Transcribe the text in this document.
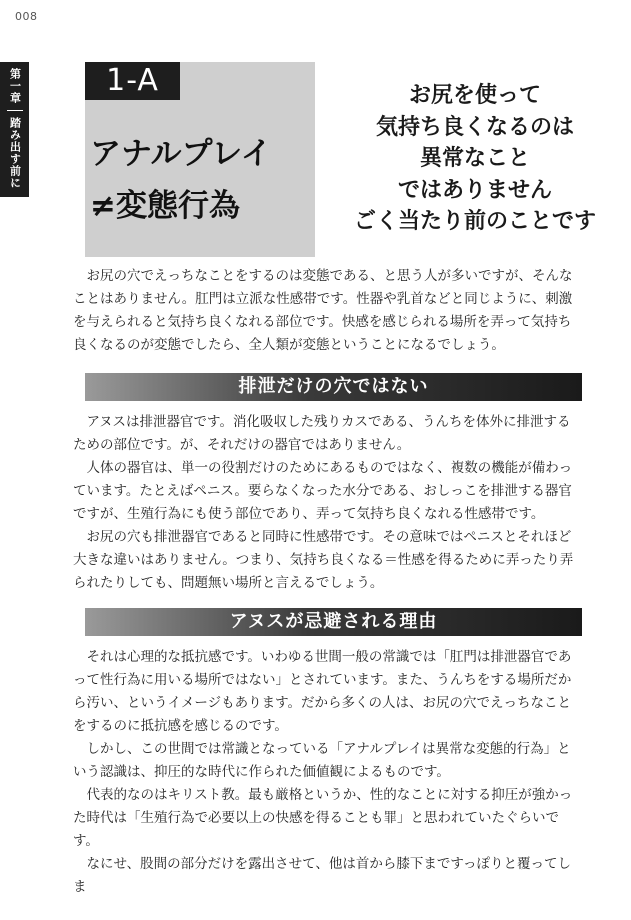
008
第一章
踏み出す前に
1-A
アナルプレイ
≠変態行為
お尻を使って
気持ち良くなるのは
異常なこと
ではありません
ごく当たり前のことです

お尻の穴でえっちなことをするのは変態である、と思う人が多いですが、そんなことはありません。肛門は立派な性感帯です。性器や乳首などと同じように、刺激を与えられると気持ち良くなれる部位です。快感を感じられる場所を弄って気持ち良くなるのが変態でしたら、全人類が変態ということになるでしょう。

排泄だけの穴ではない

アヌスは排泄器官です。消化吸収した残りカスである、うんちを体外に排泄するための部位です。が、それだけの器官ではありません。

人体の器官は、単一の役割だけのためにあるものではなく、複数の機能が備わっています。たとえばペニス。要らなくなった水分である、おしっこを排泄する器官ですが、生殖行為にも使う部位であり、弄って気持ち良くなれる性感帯です。

お尻の穴も排泄器官であると同時に性感帯です。その意味ではペニスとそれほど大きな違いはありません。つまり、気持ち良くなる＝性感を得るために弄ったり弄られたりしても、問題無い場所と言えるでしょう。

アヌスが忌避される理由

それは心理的な抵抗感です。いわゆる世間一般の常識では「肛門は排泄器官であって性行為に用いる場所ではない」とされています。また、うんちをする場所だから汚い、というイメージもあります。だから多くの人は、お尻の穴でえっちなことをするのに抵抗感を感じるのです。

しかし、この世間では常識となっている「アナルプレイは異常な変態的行為」という認識は、抑圧的な時代に作られた価値観によるものです。

代表的なのはキリスト教。最も厳格というか、性的なことに対する抑圧が強かった時代は「生殖行為で必要以上の快感を得ることも罪」と思われていたぐらいです。

なにせ、股間の部分だけを露出させて、他は首から膝下まですっぽりと覆ってしま
